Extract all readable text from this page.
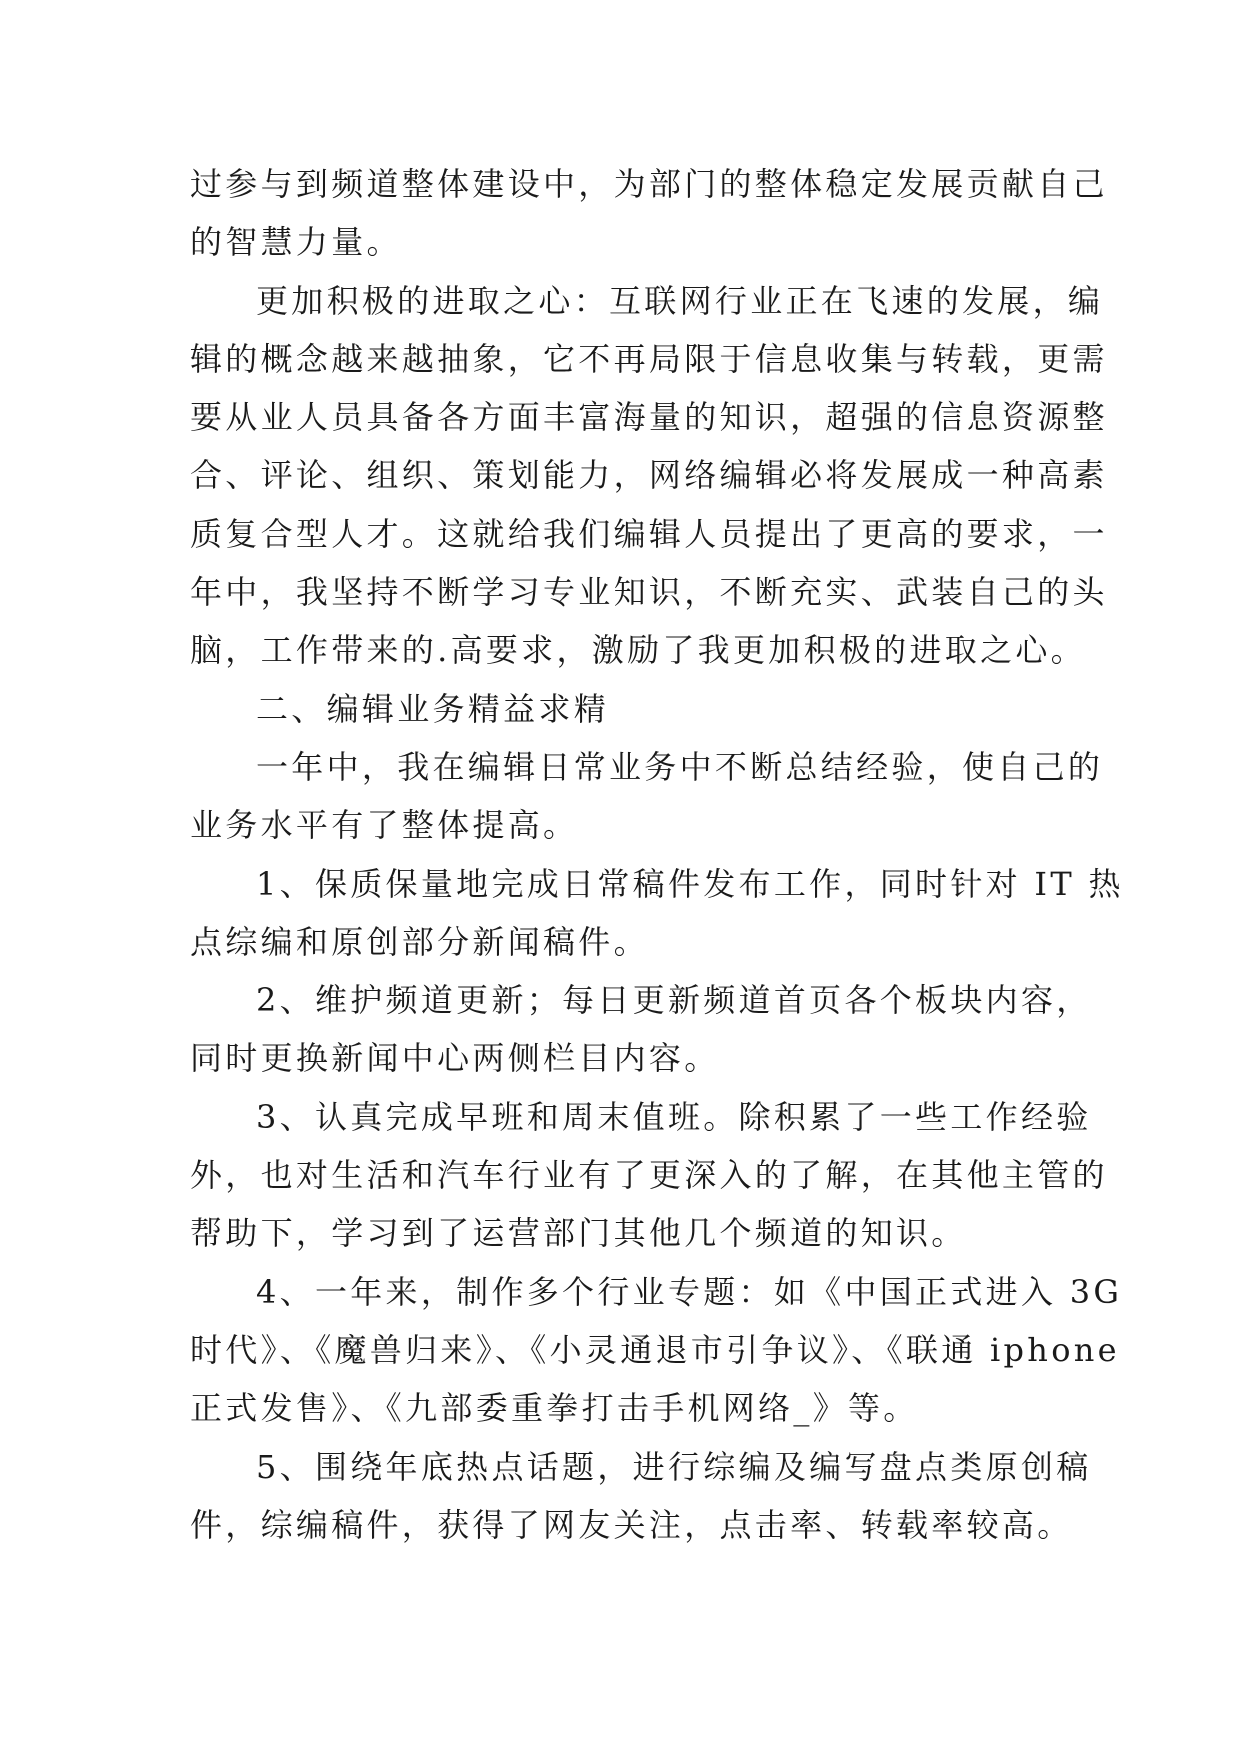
过参与到频道整体建设中，为部门的整体稳定发展贡献自己
的智慧力量。
更加积极的进取之心：互联网行业正在飞速的发展，编
辑的概念越来越抽象，它不再局限于信息收集与转载，更需
要从业人员具备各方面丰富海量的知识，超强的信息资源整
合、评论、组织、策划能力，网络编辑必将发展成一种高素
质复合型人才。这就给我们编辑人员提出了更高的要求，一
年中，我坚持不断学习专业知识，不断充实、武装自己的头
脑，工作带来的.高要求，激励了我更加积极的进取之心。
二、编辑业务精益求精
一年中，我在编辑日常业务中不断总结经验，使自己的
业务水平有了整体提高。
1、保质保量地完成日常稿件发布工作，同时针对 IT 热
点综编和原创部分新闻稿件。
2、维护频道更新；每日更新频道首页各个板块内容，
同时更换新闻中心两侧栏目内容。
3、认真完成早班和周末值班。除积累了一些工作经验
外，也对生活和汽车行业有了更深入的了解，在其他主管的
帮助下，学习到了运营部门其他几个频道的知识。
4、一年来，制作多个行业专题：如《中国正式进入 3G
时代》、《魔兽归来》、《小灵通退市引争议》、《联通 iphone
正式发售》、《九部委重拳打击手机网络_》等。
5、围绕年底热点话题，进行综编及编写盘点类原创稿
件，综编稿件，获得了网友关注，点击率、转载率较高。
